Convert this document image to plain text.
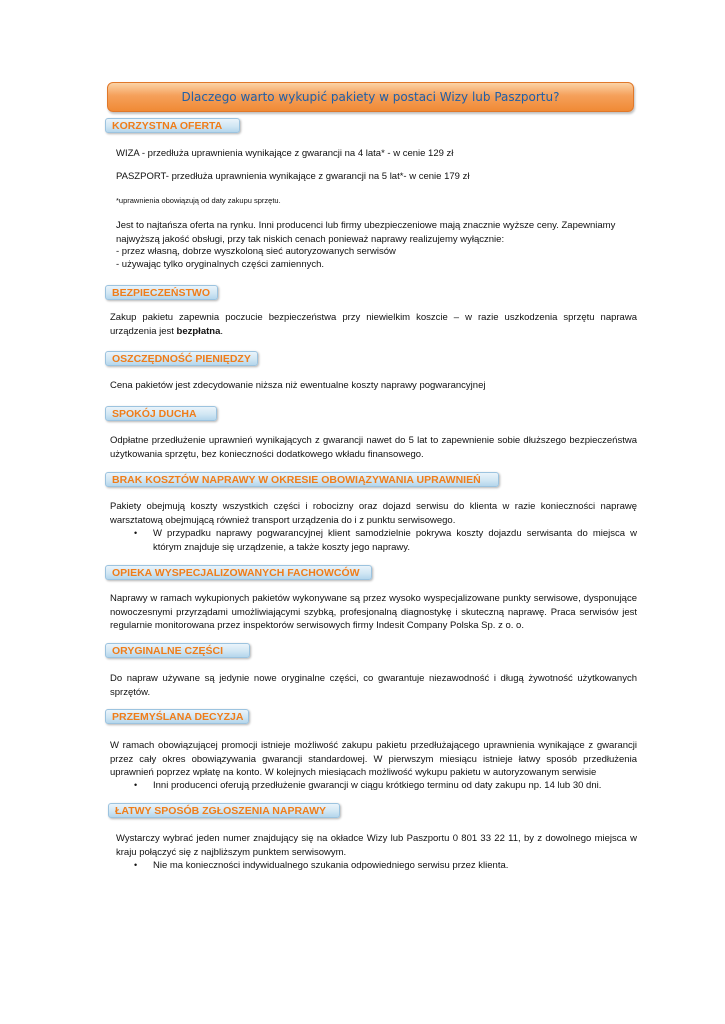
Dlaczego warto wykupić pakiety w postaci Wizy lub Paszportu?
KORZYSTNA OFERTA

WIZA - przedłuża uprawnienia wynikające z gwarancji na 4 lata* - w cenie 129 zł

PASZPORT- przedłuża uprawnienia wynikające z gwarancji na 5 lat*- w cenie 179 zł

*uprawnienia obowiązują od daty zakupu sprzętu.

Jest to najtańsza oferta na rynku. Inni producenci lub firmy ubezpieczeniowe mają znacznie wyższe ceny. Zapewniamy najwyższą jakość obsługi, przy tak niskich cenach ponieważ naprawy realizujemy wyłącznie:

- przez własną, dobrze wyszkoloną sieć autoryzowanych serwisów

- używając tylko oryginalnych części zamiennych.

BEZPIECZEŃSTWO

Zakup pakietu zapewnia poczucie bezpieczeństwa przy niewielkim koszcie – w razie uszkodzenia sprzętu naprawa urządzenia jest bezpłatna.

OSZCZĘDNOŚĆ PIENIĘDZY

Cena pakietów jest zdecydowanie niższa niż ewentualne koszty naprawy pogwarancyjnej

SPOKÓJ DUCHA

Odpłatne przedłużenie uprawnień wynikających z gwarancji nawet do 5 lat to zapewnienie sobie dłuższego bezpieczeństwa użytkowania sprzętu, bez konieczności dodatkowego wkładu finansowego.

BRAK KOSZTÓW NAPRAWY W OKRESIE OBOWIĄZYWANIA UPRAWNIEŃ

Pakiety obejmują koszty wszystkich części i robocizny oraz dojazd serwisu do klienta w razie konieczności naprawę warsztatową obejmującą również transport urządzenia do i z punktu serwisowego.

• W przypadku naprawy pogwarancyjnej klient samodzielnie pokrywa koszty dojazdu serwisanta do miejsca w którym znajduje się urządzenie, a także koszty jego naprawy.
OPIEKA WYSPECJALIZOWANYCH FACHOWCÓW

Naprawy w ramach wykupionych pakietów wykonywane są przez wysoko wyspecjalizowane punkty serwisowe, dysponujące nowoczesnymi przyrządami umożliwiającymi szybką, profesjonalną diagnostykę i skuteczną naprawę. Praca serwisów jest regularnie monitorowana przez inspektorów serwisowych firmy Indesit Company Polska Sp. z o. o.

ORYGINALNE CZĘŚCI

Do napraw używane są jedynie nowe oryginalne części, co gwarantuje niezawodność i długą żywotność użytkowanych sprzętów.

PRZEMYŚLANA DECYZJA

W ramach obowiązującej promocji istnieje możliwość zakupu pakietu przedłużającego uprawnienia wynikające z gwarancji przez cały okres obowiązywania gwarancji standardowej. W pierwszym miesiącu istnieje łatwy sposób przedłużenia uprawnień poprzez wpłatę na konto. W kolejnych miesiącach możliwość wykupu pakietu w autoryzowanym serwisie

• Inni producenci oferują przedłużenie gwarancji w ciągu krótkiego terminu od daty zakupu np. 14 lub 30 dni.
ŁATWY SPOSÓB ZGŁOSZENIA NAPRAWY

Wystarczy wybrać jeden numer znajdujący się na okładce Wizy lub Paszportu 0 801 33 22 11, by z dowolnego miejsca w kraju połączyć się z najbliższym punktem serwisowym.

• Nie ma konieczności indywidualnego szukania odpowiedniego serwisu przez klienta.
